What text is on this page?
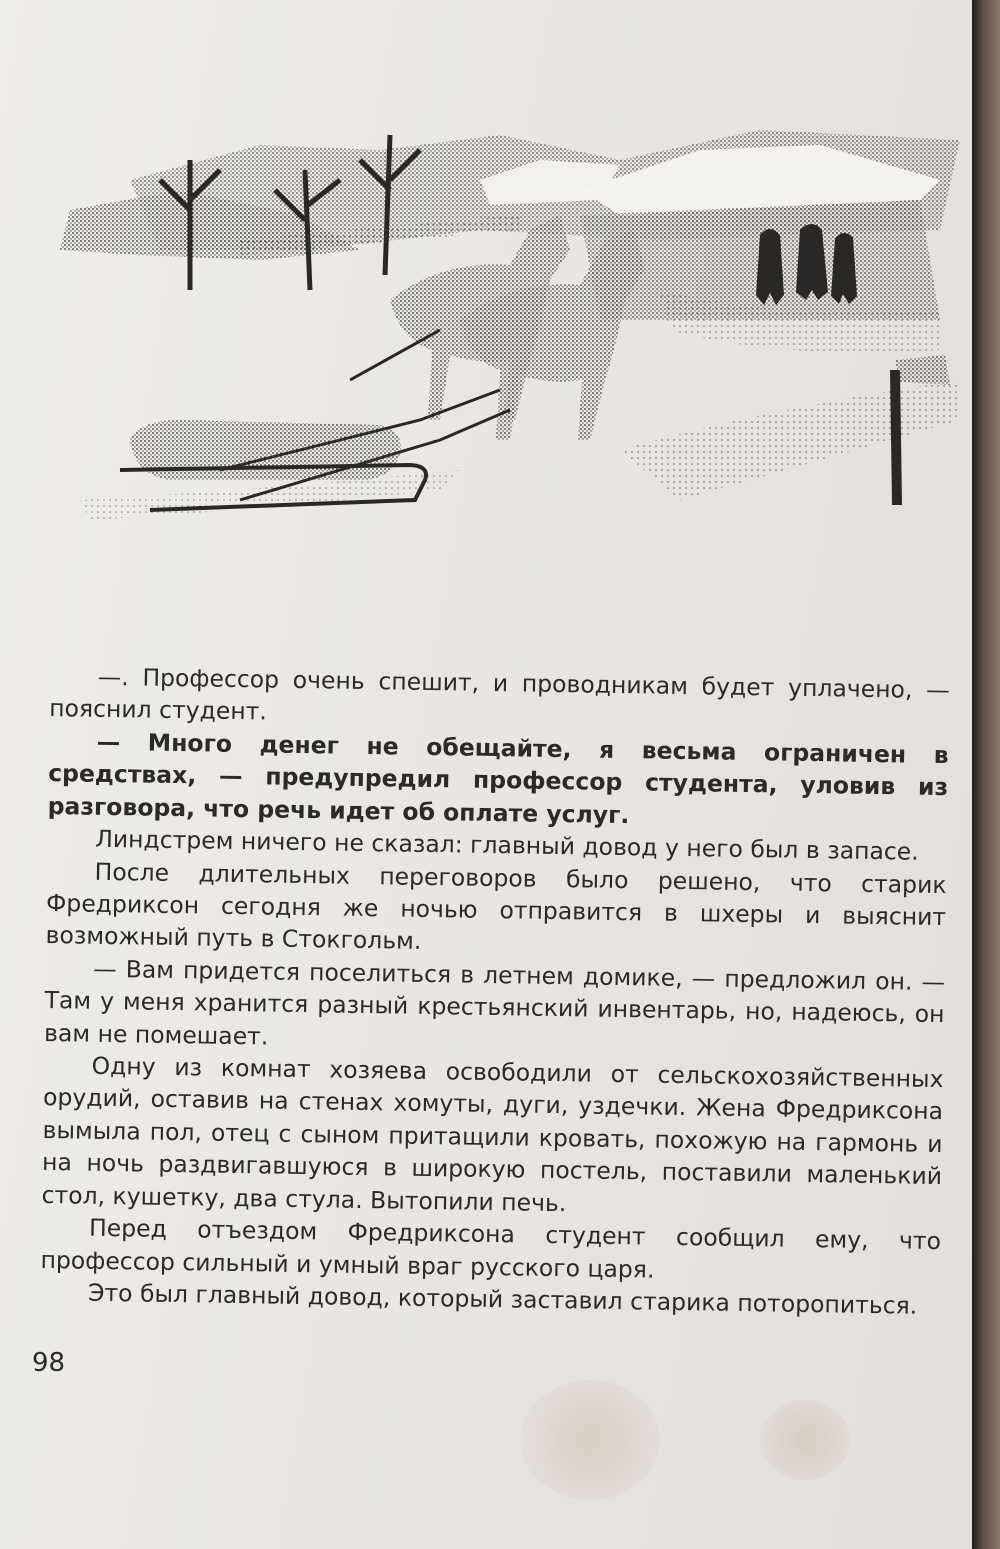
—. Профессор очень спешит, и проводникам будет уплачено, — пояснил студент.

— Много денег не обещайте, я весьма ограничен в средствах, — предупредил профессор студента, уловив из разговора, что речь идет об оплате услуг.

Линдстрем ничего не сказал: главный довод у него был в запасе.

После длительных переговоров было решено, что старик Фредриксон сегодня же ночью отправится в шхеры и выяснит возможный путь в Стокгольм.

— Вам придется поселиться в летнем домике, — предложил он. — Там у меня хранится разный крестьянский инвентарь, но, надеюсь, он вам не помешает.

Одну из комнат хозяева освободили от сельскохозяйственных орудий, оставив на стенах хомуты, дуги, уздечки. Жена Фредриксона вымыла пол, отец с сыном притащили кровать, похожую на гармонь и на ночь раздвигавшуюся в широкую постель, поставили маленький стол, кушетку, два стула. Вытопили печь.

Перед отъездом Фредриксона студент сообщил ему, что профессор сильный и умный враг русского царя.

Это был главный довод, который заставил старика поторопиться.

98
